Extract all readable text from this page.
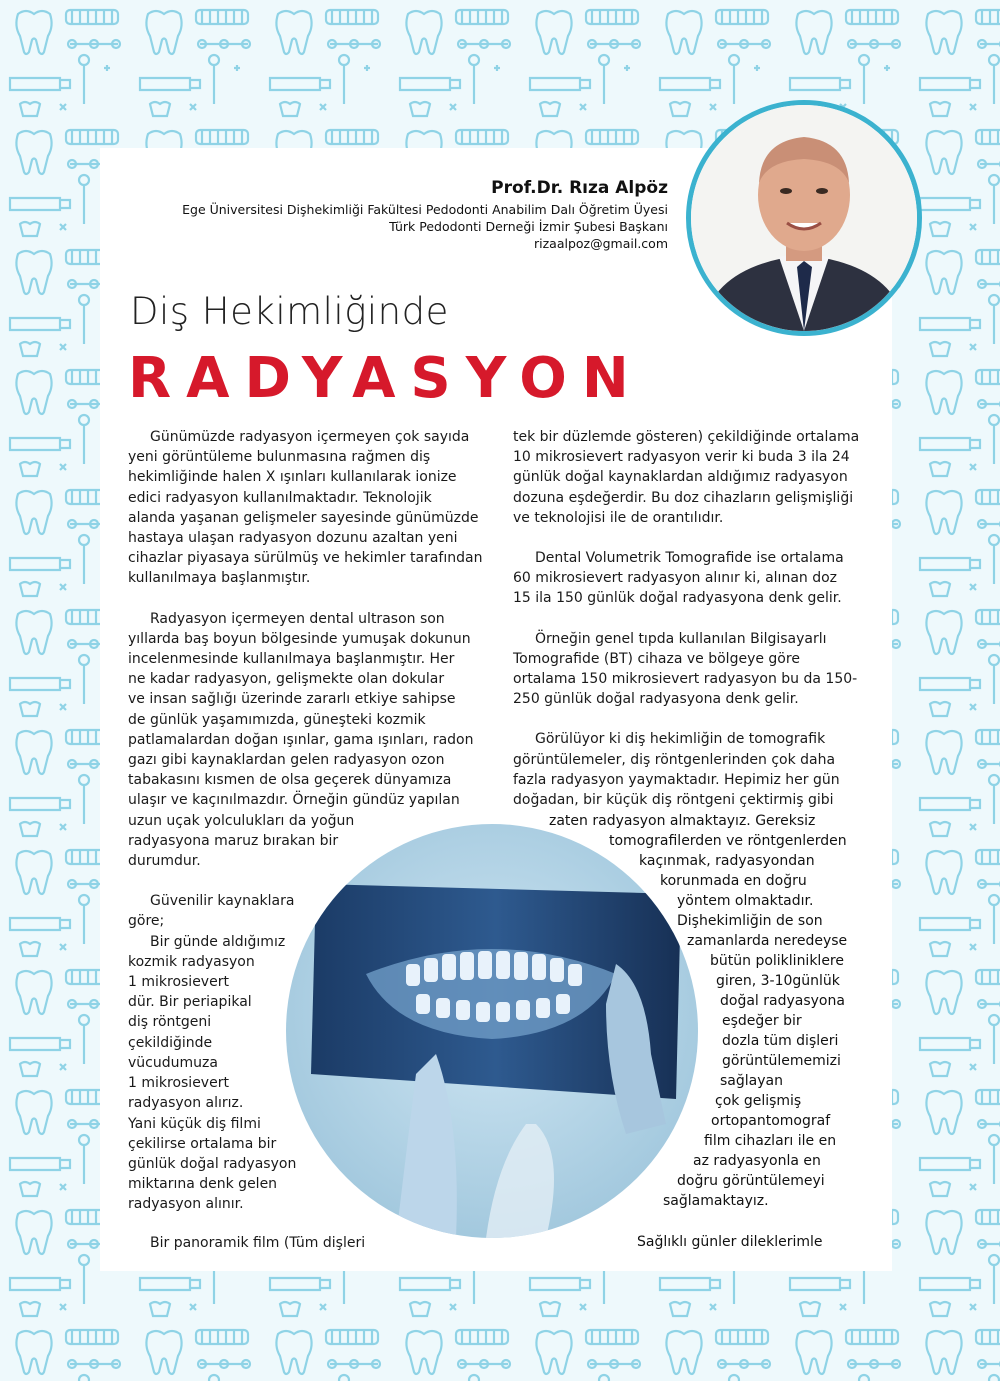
Prof.Dr. Rıza Alpöz
Ege Üniversitesi Dişhekimliği Fakültesi Pedodonti Anabilim Dalı Öğretim Üyesi
Türk Pedodonti Derneği İzmir Şubesi Başkanı
rizaalpoz@gmail.com
Diş Hekimliğinde
RADYASYON

Günümüzde radyasyon içermeyen çok sayıda
yeni görüntüleme bulunmasına rağmen diş
hekimliğinde halen X ışınları kullanılarak ionize
edici radyasyon kullanılmaktadır. Teknolojik
alanda yaşanan gelişmeler sayesinde günümüzde
hastaya ulaşan radyasyon dozunu azaltan yeni
cihazlar piyasaya sürülmüş ve hekimler tarafından
kullanılmaya başlanmıştır.

Radyasyon içermeyen dental ultrason son
yıllarda baş boyun bölgesinde yumuşak dokunun
incelenmesinde kullanılmaya başlanmıştır. Her
ne kadar radyasyon, gelişmekte olan dokular
ve insan sağlığı üzerinde zararlı etkiye sahipse
de günlük yaşamımızda, güneşteki kozmik
patlamalardan doğan ışınlar, gama ışınları, radon
gazı gibi kaynaklardan gelen radyasyon ozon
tabakasını kısmen de olsa geçerek dünyamıza
ulaşır ve kaçınılmazdır. Örneğin gündüz yapılan
uzun uçak yolculukları da yoğun
radyasyona maruz bırakan bir
durumdur.

Güvenilir kaynaklara
göre;

Bir günde aldığımız
kozmik radyasyon
1 mikrosievert
dür. Bir periapikal
diş röntgeni
çekildiğinde
vücudumuza
1 mikrosievert
radyasyon alırız.
Yani küçük diş filmi
çekilirse ortalama bir
günlük doğal radyasyon
miktarına denk gelen
radyasyon alınır.

Bir panoramik film (Tüm dişleri

tek bir düzlemde gösteren) çekildiğinde ortalama
10 mikrosievert radyasyon verir ki buda 3 ila 24
günlük doğal kaynaklardan aldığımız radyasyon
dozuna eşdeğerdir. Bu doz cihazların gelişmişliği
ve teknolojisi ile de orantılıdır.

Dental Volumetrik Tomografide ise ortalama
60 mikrosievert radyasyon alınır ki, alınan doz
15 ila 150 günlük doğal radyasyona denk gelir.

Örneğin genel tıpda kullanılan Bilgisayarlı
Tomografide (BT) cihaza ve bölgeye göre
ortalama 150 mikrosievert radyasyon bu da 150-
250 günlük doğal radyasyona denk gelir.

Görülüyor ki diş hekimliğin de tomografik
görüntülemeler, diş röntgenlerinden çok daha
fazla radyasyon yaymaktadır. Hepimiz her gün
doğadan, bir küçük diş röntgeni çektirmiş gibi

zaten radyasyon almaktayız. Gereksiz
tomografilerden ve röntgenlerden
kaçınmak, radyasyondan
korunmada en doğru
yöntem olmaktadır.
Dişhekimliğin de son
zamanlarda neredeyse
bütün polikliniklere
giren, 3-10günlük
doğal radyasyona
eşdeğer bir
dozla tüm dişleri
görüntülememizi
sağlayan
çok gelişmiş
ortopantomograf
film cihazları ile en
az radyasyonla en
doğru görüntülemeyi
sağlamaktayız.
Sağlıklı günler dileklerimle
